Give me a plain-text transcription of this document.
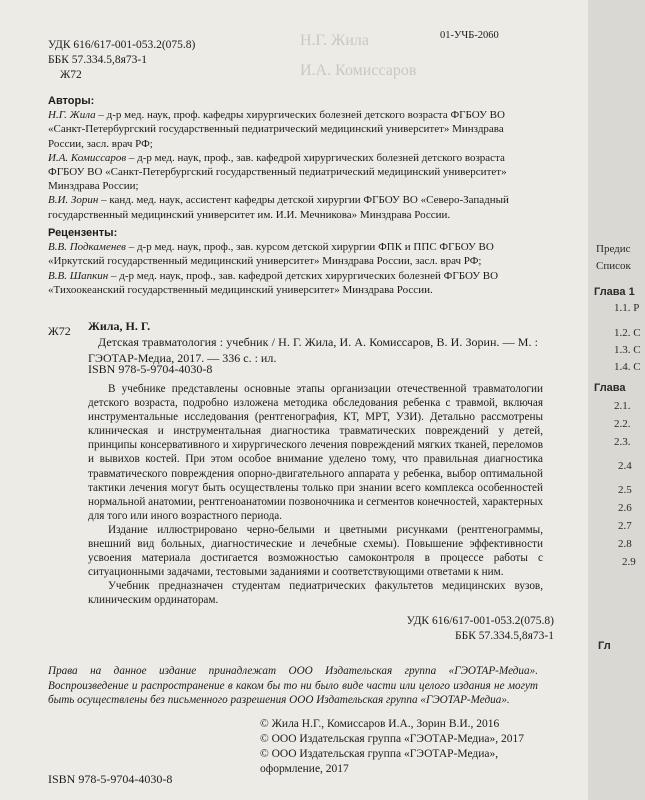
Н.Г. Жила
И.А. Комиссаров
УДК 616/617-001-053.2(075.8)
ББК 57.334.5,8я73-1
Ж72
01-УЧБ-2060
Авторы:
Н.Г. Жила – д-р мед. наук, проф. кафедры хирургических болезней детского возраста ФГБОУ ВО «Санкт-Петербургский государственный педиатрический медицинский университет» Минздрава России, засл. врач РФ;
И.А. Комиссаров – д-р мед. наук, проф., зав. кафедрой хирургических болезней детского возраста ФГБОУ ВО «Санкт-Петербургский государственный педиатрический медицинский университет» Минздрава России;
В.И. Зорин – канд. мед. наук, ассистент кафедры детской хирургии ФГБОУ ВО «Северо-Западный государственный медицинский университет им. И.И. Мечникова» Минздрава России.
Рецензенты:
В.В. Подкаменев – д-р мед. наук, проф., зав. курсом детской хирургии ФПК и ППС ФГБОУ ВО «Иркутский государственный медицинский университет» Минздрава России, засл. врач РФ;
В.В. Шапкин – д-р мед. наук, проф., зав. кафедрой детских хирургических болезней ФГБОУ ВО «Тихоокеанский государственный медицинский университет» Минздрава России.
Ж72 Жила, Н. Г.
Детская травматология : учебник / Н. Г. Жила, И. А. Комиссаров, В. И. Зорин. — М. : ГЭОТАР-Медиа, 2017. — 336 с. : ил.
ISBN 978-5-9704-4030-8

В учебнике представлены основные этапы организации отечественной травматологии детского возраста, подробно изложена методика обследования ребенка с травмой, включая инструментальные исследования (рентгенография, КТ, МРТ, УЗИ). Детально рассмотрены клиническая и инструментальная диагностика травматических повреждений у детей, принципы консервативного и хирургического лечения повреждений мягких тканей, переломов и вывихов костей. При этом особое внимание уделено тому, что правильная диагностика травматического повреждения опорно-двигательного аппарата у ребенка, выбор оптимальной тактики лечения могут быть осуществлены только при знании всего комплекса особенностей нормальной анатомии, рентгеноанатомии позвоночника и сегментов конечностей, характерных для того или иного возрастного периода.

Издание иллюстрировано черно-белыми и цветными рисунками (рентгенограммы, внешний вид больных, диагностические и лечебные схемы). Повышение эффективности усвоения материала достигается возможностью самоконтроля в процессе работы с ситуационными задачами, тестовыми заданиями и соответствующими ответами к ним.

Учебник предназначен студентам педиатрических факультетов медицинских вузов, клиническим ординаторам.

УДК 616/617-001-053.2(075.8)
ББК 57.334.5,8я73-1
Права на данное издание принадлежат ООО Издательская группа «ГЭОТАР-Медиа». Воспроизведение и распространение в каком бы то ни было виде части или целого издания не могут быть осуществлены без письменного разрешения ООО Издательская группа «ГЭОТАР-Медиа».
© Жила Н.Г., Комиссаров И.А., Зорин В.И., 2016
© ООО Издательская группа «ГЭОТАР-Медиа», 2017
© ООО Издательская группа «ГЭОТАР-Медиа», оформление, 2017
ISBN 978-5-9704-4030-8
Предис
Список
Глава 1
1.1. Р
1.2. С
1.3. С
1.4. С
Глава
2.1.
2.2.
2.3.
2.4
2.5
2.6
2.7
2.8
2.9
Гл
